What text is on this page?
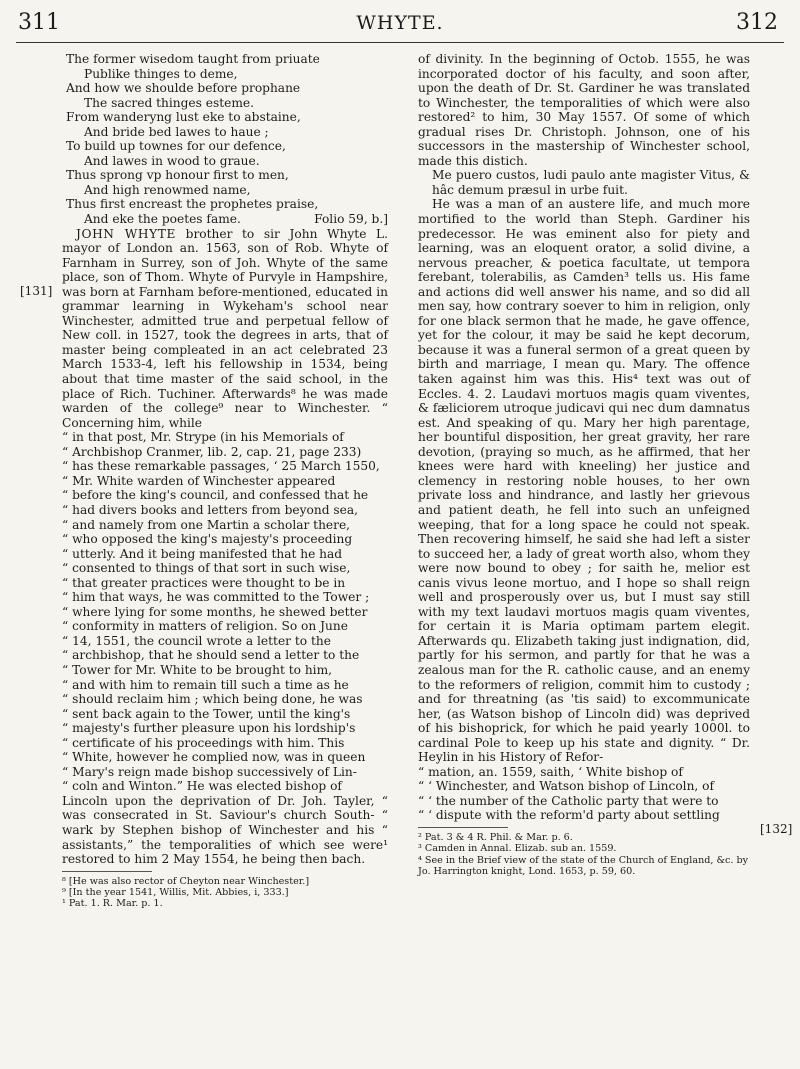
311	WHYTE.	312
[131]
[132]
The former wisedom taught from priuate
Publike thinges to deme,
And how we shoulde before prophane
The sacred thinges esteme.
From wanderyng lust eke to abstaine,
And bride bed lawes to haue ;
To build up townes for our defence,
And lawes in wood to graue.
Thus sprong vp honour first to men,
And high renowmed name,
Thus first encreast the prophetes praise,
And eke the poetes fame.	Folio 59, b.]

JOHN WHYTE brother to sir John Whyte L. mayor of London an. 1563, son of Rob. Whyte of Farnham in Surrey, son of Joh. Whyte of the same place, son of Thom. Whyte of Purvyle in Hampshire, was born at Farnham before-mentioned, educated in grammar learning in Wykeham's school near Winchester, admitted true and perpetual fellow of New coll. in 1527, took the degrees in arts, that of master being compleated in an act celebrated 23 March 1533-4, left his fellowship in 1534, being about that time master of the said school, in the place of Rich. Tuchiner. Afterwards⁸ he was made warden of the college⁹ near to Winchester. “ Concerning him, while

“ in that post, Mr. Strype (in his Memorials of
“ Archbishop Cranmer, lib. 2, cap. 21, page 233)
“ has these remarkable passages, ‘ 25 March 1550,
“ Mr. White warden of Winchester appeared
“ before the king's council, and confessed that he
“ had divers books and letters from beyond sea,
“ and namely from one Martin a scholar there,
“ who opposed the king's majesty's proceeding
“ utterly. And it being manifested that he had
“ consented to things of that sort in such wise,
“ that greater practices were thought to be in
“ him that ways, he was committed to the Tower ;
“ where lying for some months, he shewed better
“ conformity in matters of religion. So on June
“ 14, 1551, the council wrote a letter to the
“ archbishop, that he should send a letter to the
“ Tower for Mr. White to be brought to him,
“ and with him to remain till such a time as he
“ should reclaim him ; which being done, he was
“ sent back again to the Tower, until the king's
“ majesty's further pleasure upon his lordship's
“ certificate of his proceedings with him. This
“ White, however he complied now, was in queen
“ Mary's reign made bishop successively of Lin-
“ coln and Winton.” He was elected bishop of

Lincoln upon the deprivation of Dr. Joh. Tayler, “ was consecrated in St. Saviour's church South- “ wark by Stephen bishop of Winchester and his “ assistants,” the temporalities of which see were¹ restored to him 2 May 1554, he being then bach.

⁸ [He was also rector of Cheyton near Winchester.]
⁹ [In the year 1541, Willis, Mit. Abbies, i, 333.]
¹ Pat. 1. R. Mar. p. 1.

of divinity. In the beginning of Octob. 1555, he was incorporated doctor of his faculty, and soon after, upon the death of Dr. St. Gardiner he was translated to Winchester, the temporalities of which were also restored² to him, 30 May 1557. Of some of which gradual rises Dr. Christoph. Johnson, one of his successors in the mastership of Winchester school, made this distich.

Me puero custos, ludi paulo ante magister Vitus, & hâc demum præsul in urbe fuit.

He was a man of an austere life, and much more mortified to the world than Steph. Gardiner his predecessor. He was eminent also for piety and learning, was an eloquent orator, a solid divine, a nervous preacher, & poetica facultate, ut tempora ferebant, tolerabilis, as Camden³ tells us. His fame and actions did well answer his name, and so did all men say, how contrary soever to him in religion, only for one black sermon that he made, he gave offence, yet for the colour, it may be said he kept decorum, because it was a funeral sermon of a great queen by birth and marriage, I mean qu. Mary. The offence taken against him was this. His⁴ text was out of Eccles. 4. 2. Laudavi mortuos magis quam viventes, & fæliciorem utroque judicavi qui nec dum damnatus est. And speaking of qu. Mary her high parentage, her bountiful disposition, her great gravity, her rare devotion, (praying so much, as he affirmed, that her knees were hard with kneeling) her justice and clemency in restoring noble houses, to her own private loss and hindrance, and lastly her grievous and patient death, he fell into such an unfeigned weeping, that for a long space he could not speak. Then recovering himself, he said she had left a sister to succeed her, a lady of great worth also, whom they were now bound to obey ; for saith he, melior est canis vivus leone mortuo, and I hope so shall reign well and prosperously over us, but I must say still with my text laudavi mortuos magis quam viventes, for certain it is Maria optimam partem elegit. Afterwards qu. Elizabeth taking just indignation, did, partly for his sermon, and partly for that he was a zealous man for the R. catholic cause, and an enemy to the reformers of religion, commit him to custody ; and for threatning (as 'tis said) to excommunicate her, (as Watson bishop of Lincoln did) was deprived of his bishoprick, for which he paid yearly 1000l. to cardinal Pole to keep up his state and dignity. “ Dr. Heylin in his History of Refor-

“ mation, an. 1559, saith, ‘ White bishop of
“ ‘ Winchester, and Watson bishop of Lincoln, of
“ ‘ the number of the Catholic party that were to
“ ‘ dispute with the reform'd party about settling
² Pat. 3 & 4 R. Phil. & Mar. p. 6.
³ Camden in Annal. Elizab. sub an. 1559.
⁴ See in the Brief view of the state of the Church of England, &c. by Jo. Harrington knight, Lond. 1653, p. 59, 60.
